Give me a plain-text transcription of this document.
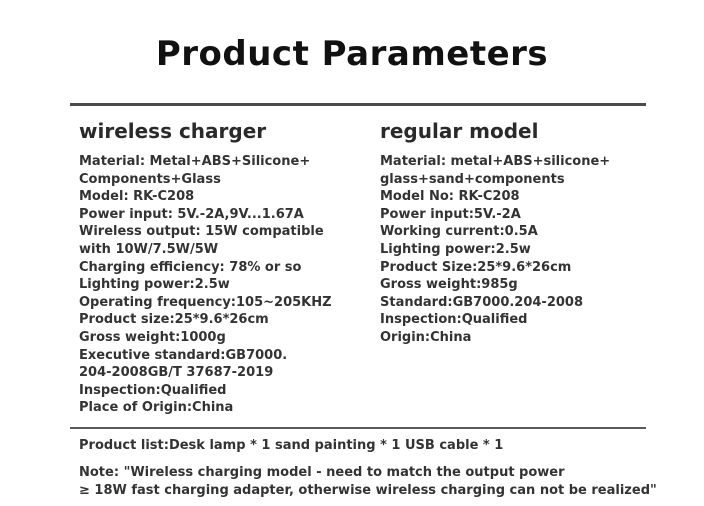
Product Parameters
wireless charger
Material: Metal+ABS+Silicone+
Components+Glass
Model: RK-C208
Power input: 5V.-2A,9V...1.67A
Wireless output: 15W compatible
with 10W/7.5W/5W
Charging efficiency: 78% or so
Lighting power:2.5w
Operating frequency:105~205KHZ
Product size:25*9.6*26cm
Gross weight:1000g
Executive standard:GB7000.
204-2008GB/T 37687-2019
Inspection:Qualified
Place of Origin:China
regular model
Material: metal+ABS+silicone+
glass+sand+components
Model No: RK-C208
Power input:5V.-2A
Working current:0.5A
Lighting power:2.5w
Product Size:25*9.6*26cm
Gross weight:985g
Standard:GB7000.204-2008
Inspection:Qualified
Origin:China
Product list:Desk lamp * 1 sand painting * 1 USB cable * 1
Note: "Wireless charging model - need to match the output power
≥ 18W fast charging adapter, otherwise wireless charging can not be realized"
